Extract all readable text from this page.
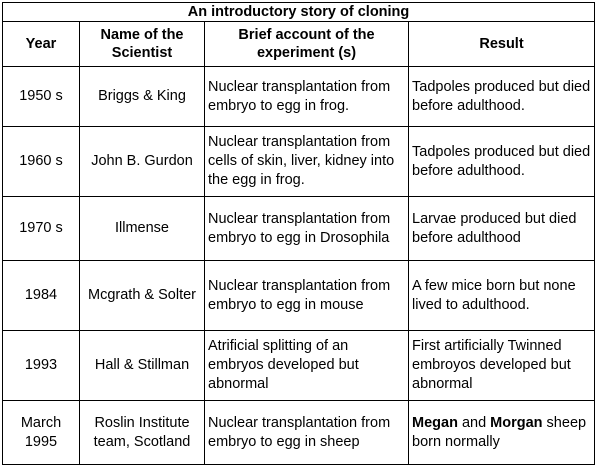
An introductory story of cloning			
Year	Name of the Scientist	Brief account of the experiment (s)	Result
1950 s	Briggs & King	Nuclear transplantation from embryo to egg in frog.	Tadpoles produced but died before adulthood.
1960 s	John B. Gurdon	Nuclear transplantation from cells of skin, liver, kidney into the egg in frog.	Tadpoles produced but died before adulthood.
1970 s	Illmense	Nuclear transplantation from embryo to egg in Drosophila	Larvae produced but died before adulthood
1984	Mcgrath & Solter	Nuclear transplantation from embryo to egg in mouse	A few mice born but none lived to adulthood.
1993	Hall & Stillman	Atrificial splitting of an embryos developed but abnormal	First artificially Twinned embroyos developed but abnormal
March 1995	Roslin Institute team, Scotland	Nuclear transplantation from embryo to egg in sheep	Megan and Morgan sheep born normally
